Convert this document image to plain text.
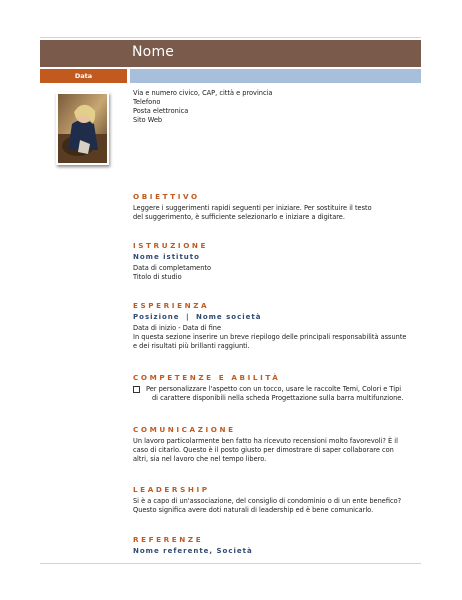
Nome
Data
Via e numero civico, CAP, città e provincia
Telefono
Posta elettronica
Sito Web
OBIETTIVO
Leggere i suggerimenti rapidi seguenti per iniziare. Per sostituire il testo
del suggerimento, è sufficiente selezionarlo e iniziare a digitare.
ISTRUZIONE
Nome istituto
Data di completamento
Titolo di studio
ESPERIENZA
Posizione | Nome società
Data di inizio - Data di fine
In questa sezione inserire un breve riepilogo delle principali responsabilità assunte
e dei risultati più brillanti raggiunti.
COMPETENZE E ABILITÀ
Per personalizzare l'aspetto con un tocco, usare le raccolte Temi, Colori e Tipi
di carattere disponibili nella scheda Progettazione sulla barra multifunzione.
COMUNICAZIONE
Un lavoro particolarmente ben fatto ha ricevuto recensioni molto favorevoli? È il
caso di citarlo. Questo è il posto giusto per dimostrare di saper collaborare con
altri, sia nel lavoro che nel tempo libero.
LEADERSHIP
Si è a capo di un'associazione, del consiglio di condominio o di un ente benefico?
Questo significa avere doti naturali di leadership ed è bene comunicarlo.
REFERENZE
Nome referente, Società
